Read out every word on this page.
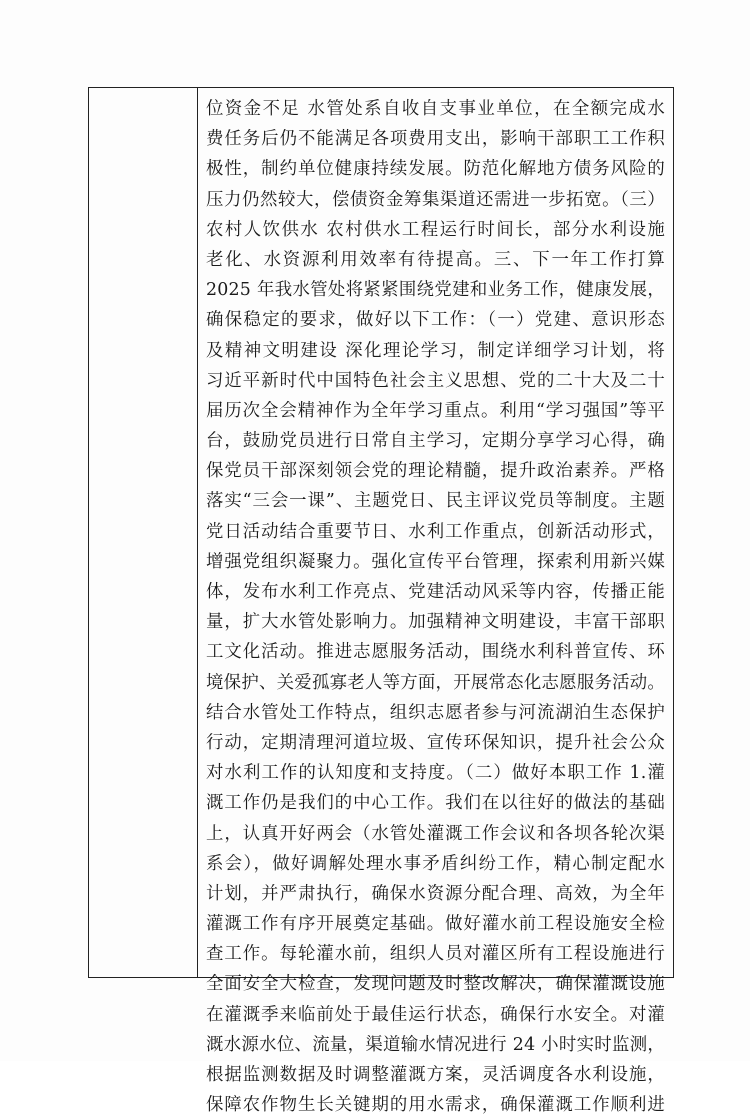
位资金不足 水管处系自收自支事业单位，在全额完成水
费任务后仍不能满足各项费用支出，影响干部职工工作积
极性，制约单位健康持续发展。防范化解地方债务风险的
压力仍然较大，偿债资金筹集渠道还需进一步拓宽。（三）
农村人饮供水 农村供水工程运行时间长，部分水利设施
老化、水资源利用效率有待提高。三、下一年工作打算
2025 年我水管处将紧紧围绕党建和业务工作，健康发展，
确保稳定的要求，做好以下工作：（一）党建、意识形态
及精神文明建设 深化理论学习，制定详细学习计划，将
习近平新时代中国特色社会主义思想、党的二十大及二十
届历次全会精神作为全年学习重点。利用“学习强国”等平
台，鼓励党员进行日常自主学习，定期分享学习心得，确
保党员干部深刻领会党的理论精髓，提升政治素养。严格
落实“三会一课”、主题党日、民主评议党员等制度。主题
党日活动结合重要节日、水利工作重点，创新活动形式，
增强党组织凝聚力。强化宣传平台管理，探索利用新兴媒
体，发布水利工作亮点、党建活动风采等内容，传播正能
量，扩大水管处影响力。加强精神文明建设，丰富干部职
工文化活动。推进志愿服务活动，围绕水利科普宣传、环
境保护、关爱孤寡老人等方面，开展常态化志愿服务活动。
结合水管处工作特点，组织志愿者参与河流湖泊生态保护
行动，定期清理河道垃圾、宣传环保知识，提升社会公众
对水利工作的认知度和支持度。（二）做好本职工作 1.灌
溉工作仍是我们的中心工作。我们在以往好的做法的基础
上，认真开好两会（水管处灌溉工作会议和各坝各轮次渠
系会），做好调解处理水事矛盾纠纷工作，精心制定配水
计划，并严肃执行，确保水资源分配合理、高效，为全年
灌溉工作有序开展奠定基础。做好灌水前工程设施安全检
查工作。每轮灌水前，组织人员对灌区所有工程设施进行
全面安全大检查，发现问题及时整改解决，确保灌溉设施
在灌溉季来临前处于最佳运行状态，确保行水安全。对灌
溉水源水位、流量，渠道输水情况进行 24 小时实时监测，
根据监测数据及时调整灌溉方案，灵活调度各水利设施，
保障农作物生长关键期的用水需求，确保灌溉工作顺利进
